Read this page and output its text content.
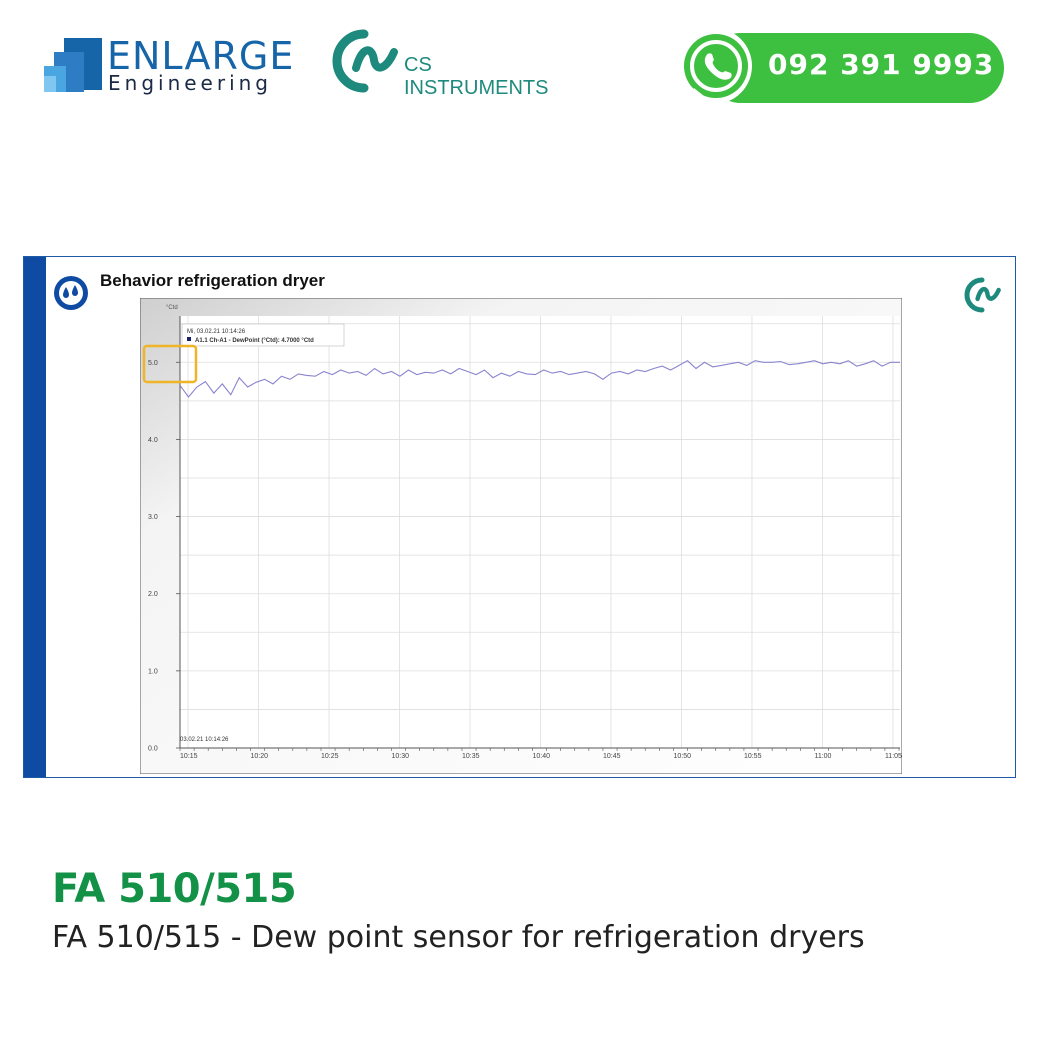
ENLARGE
Engineering
CS INSTRUMENTS
092 391 9993
Behavior refrigeration dryer
0.0
1.0
2.0
3.0
4.0
5.0
10:15	10:20	10:25	10:30	10:35	10:40	10:45	10:50	10:55	11:00	11:05
°Ctd
Mi, 03.02.21 10:14:26
A1.1 Ch-A1 - DewPoint (°Ctd): 4.7000 °Ctd
03.02.21 10:14:26
FA 510/515
FA 510/515 - Dew point sensor for refrigeration dryers
